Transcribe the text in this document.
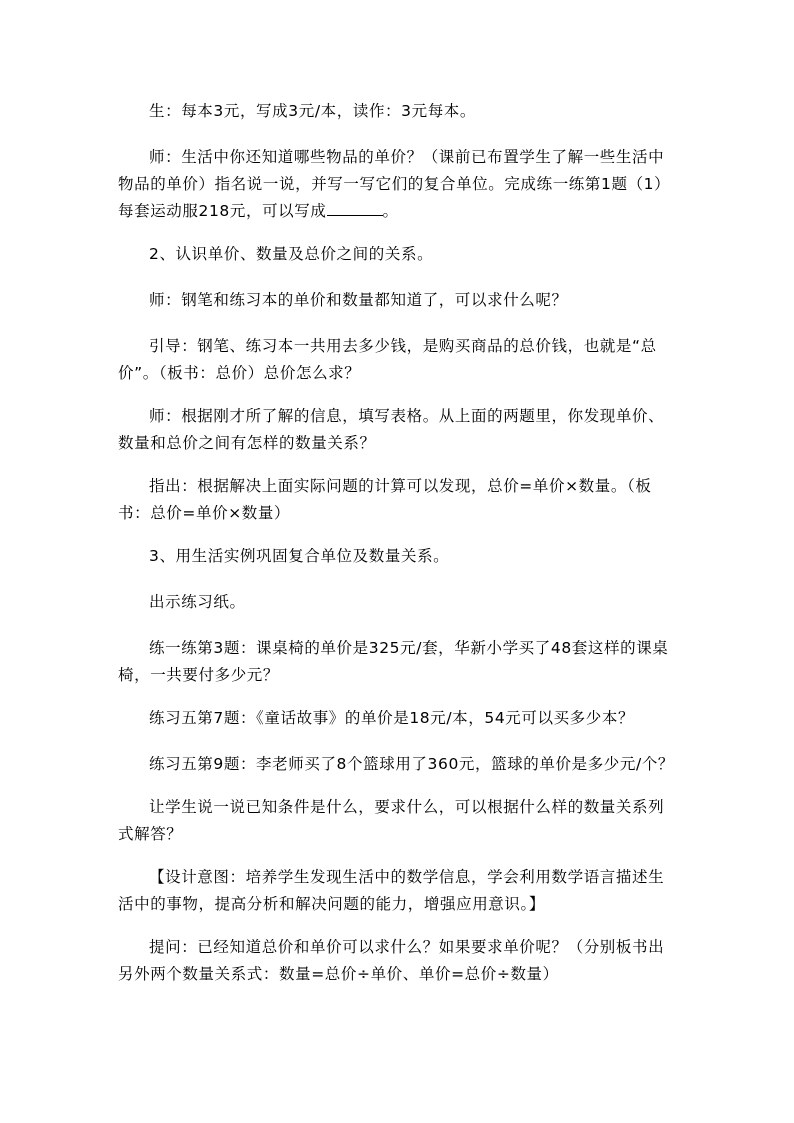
生：每本3元，写成3元/本，读作：3元每本。

师：生活中你还知道哪些物品的单价？（课前已布置学生了解一些生活中物品的单价）指名说一说，并写一写它们的复合单位。完成练一练第1题（1）每套运动服218元，可以写成	。

2、认识单价、数量及总价之间的关系。

师：钢笔和练习本的单价和数量都知道了，可以求什么呢？

引导：钢笔、练习本一共用去多少钱，是购买商品的总价钱，也就是“总价”。（板书：总价）总价怎么求？

师：根据刚才所了解的信息，填写表格。从上面的两题里，你发现单价、数量和总价之间有怎样的数量关系？

指出：根据解决上面实际问题的计算可以发现，总价=单价×数量。（板书：总价=单价×数量）

3、用生活实例巩固复合单位及数量关系。

出示练习纸。

练一练第3题：课桌椅的单价是325元/套，华新小学买了48套这样的课桌椅，一共要付多少元？

练习五第7题：《童话故事》的单价是18元/本，54元可以买多少本？

练习五第9题：李老师买了8个篮球用了360元，篮球的单价是多少元/个？

让学生说一说已知条件是什么，要求什么，可以根据什么样的数量关系列式解答？

【设计意图：培养学生发现生活中的数学信息，学会利用数学语言描述生活中的事物，提高分析和解决问题的能力，增强应用意识。】

提问：已经知道总价和单价可以求什么？如果要求单价呢？（分别板书出另外两个数量关系式：数量=总价÷单价、单价=总价÷数量）
